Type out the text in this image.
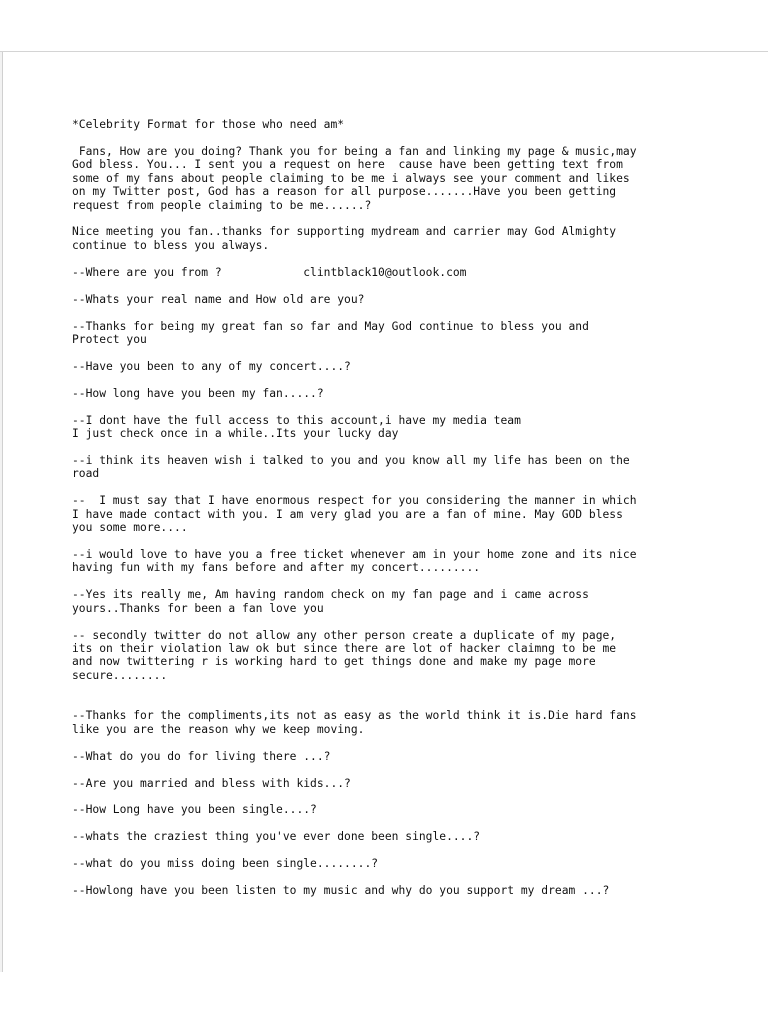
*Celebrity Format for those who need am*

Fans, How are you doing? Thank you for being a fan and linking my page & music,may
God bless. You... I sent you a request on here  cause have been getting text from
some of my fans about people claiming to be me i always see your comment and likes
on my Twitter post, God has a reason for all purpose.......Have you been getting
request from people claiming to be me......?

Nice meeting you fan..thanks for supporting mydream and carrier may God Almighty
continue to bless you always.

--Where are you from ?            clintblack10@outlook.com

--Whats your real name and How old are you?

--Thanks for being my great fan so far and May God continue to bless you and
Protect you

--Have you been to any of my concert....?

--How long have you been my fan.....?

--I dont have the full access to this account,i have my media team
I just check once in a while..Its your lucky day

--i think its heaven wish i talked to you and you know all my life has been on the
road

--  I must say that I have enormous respect for you considering the manner in which
I have made contact with you. I am very glad you are a fan of mine. May GOD bless
you some more....

--i would love to have you a free ticket whenever am in your home zone and its nice
having fun with my fans before and after my concert.........

--Yes its really me, Am having random check on my fan page and i came across
yours..Thanks for been a fan love you

-- secondly twitter do not allow any other person create a duplicate of my page,
its on their violation law ok but since there are lot of hacker claimng to be me
and now twittering r is working hard to get things done and make my page more
secure........

--Thanks for the compliments,its not as easy as the world think it is.Die hard fans
like you are the reason why we keep moving.

--What do you do for living there ...?

--Are you married and bless with kids...?

--How Long have you been single....?

--whats the craziest thing you've ever done been single....?

--what do you miss doing been single........?

--Howlong have you been listen to my music and why do you support my dream ...?
